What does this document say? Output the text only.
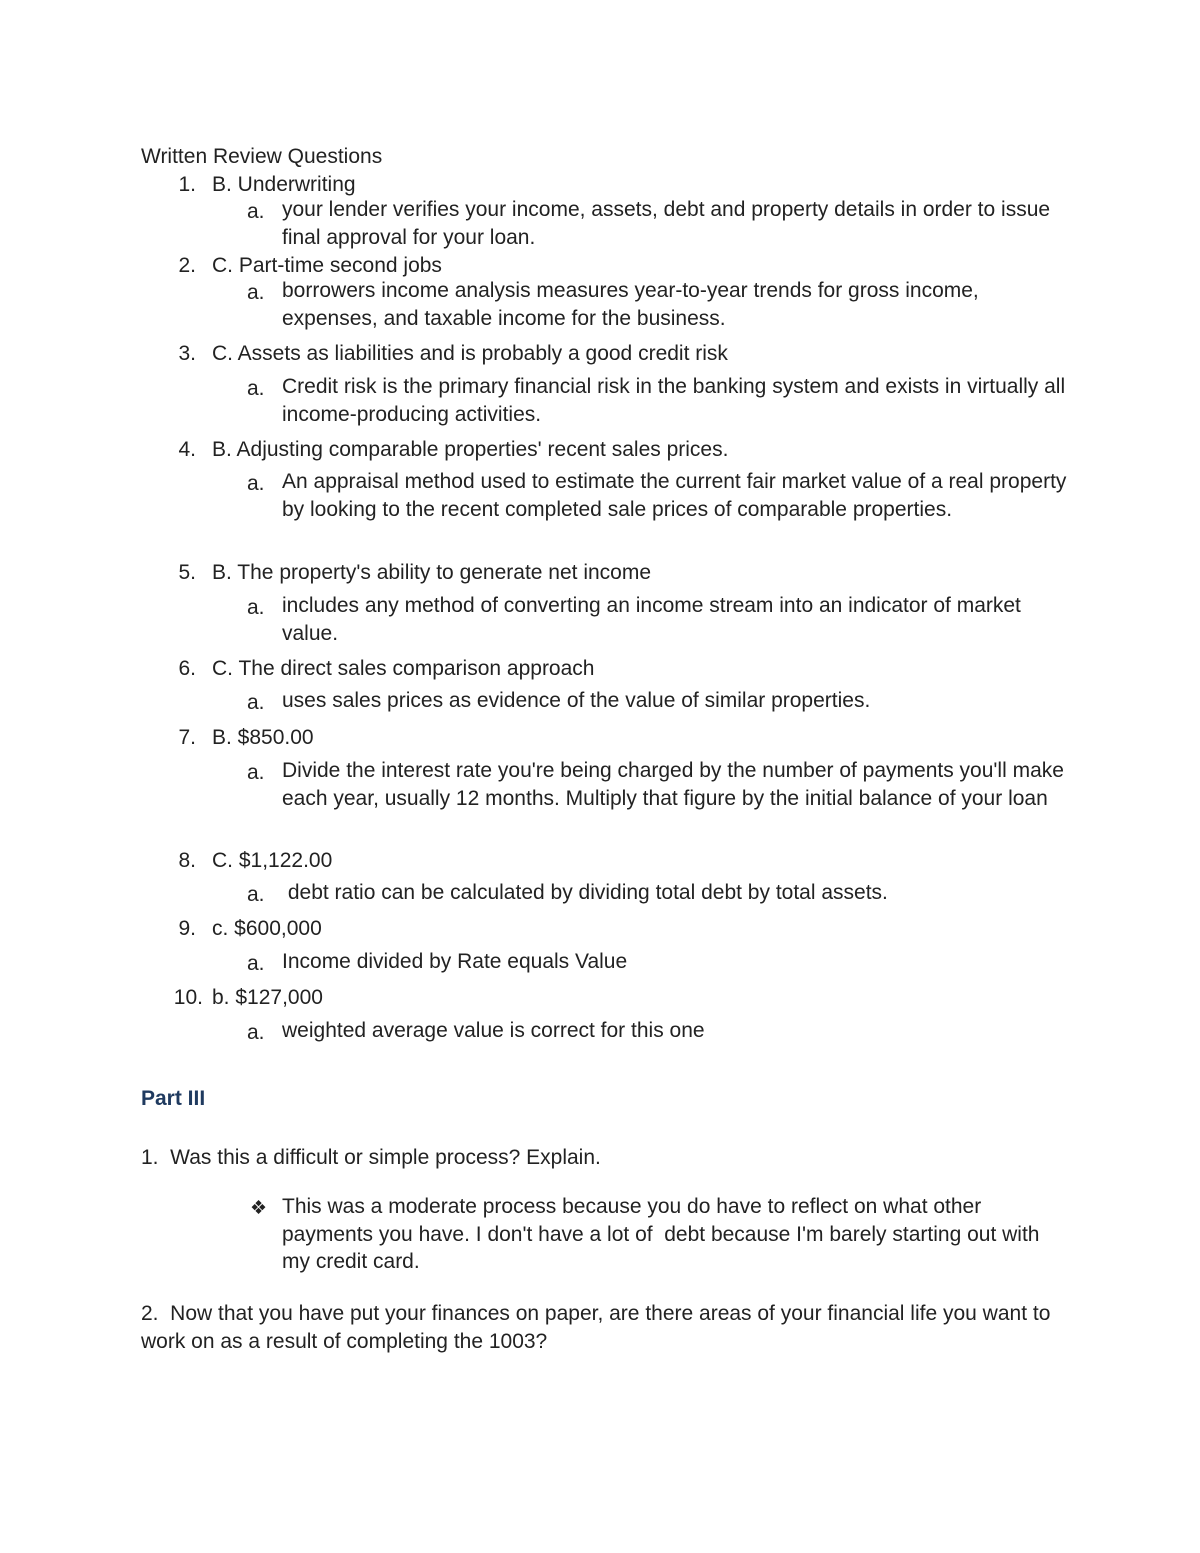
Written Review Questions
1. B. Underwriting
a. your lender verifies your income, assets, debt and property details in order to issue final approval for your loan.
2. C. Part-time second jobs
a. borrowers income analysis measures year-to-year trends for gross income, expenses, and taxable income for the business.
3. C. Assets as liabilities and is probably a good credit risk
a. Credit risk is the primary financial risk in the banking system and exists in virtually all income-producing activities.
4. B. Adjusting comparable properties' recent sales prices.
a. An appraisal method used to estimate the current fair market value of a real property by looking to the recent completed sale prices of comparable properties.
5. B. The property's ability to generate net income
a. includes any method of converting an income stream into an indicator of market value.
6. C. The direct sales comparison approach
a. uses sales prices as evidence of the value of similar properties.
7. B. $850.00
a. Divide the interest rate you're being charged by the number of payments you'll make each year, usually 12 months. Multiply that figure by the initial balance of your loan
8. C. $1,122.00
a. debt ratio can be calculated by dividing total debt by total assets.
9. c. $600,000
a. Income divided by Rate equals Value
10. b. $127,000
a. weighted average value is correct for this one
Part III
1.  Was this a difficult or simple process? Explain.
❖ This was a moderate process because you do have to reflect on what other payments you have. I don't have a lot of  debt because I'm barely starting out with my credit card.
2.  Now that you have put your finances on paper, are there areas of your financial life you want to work on as a result of completing the 1003?
